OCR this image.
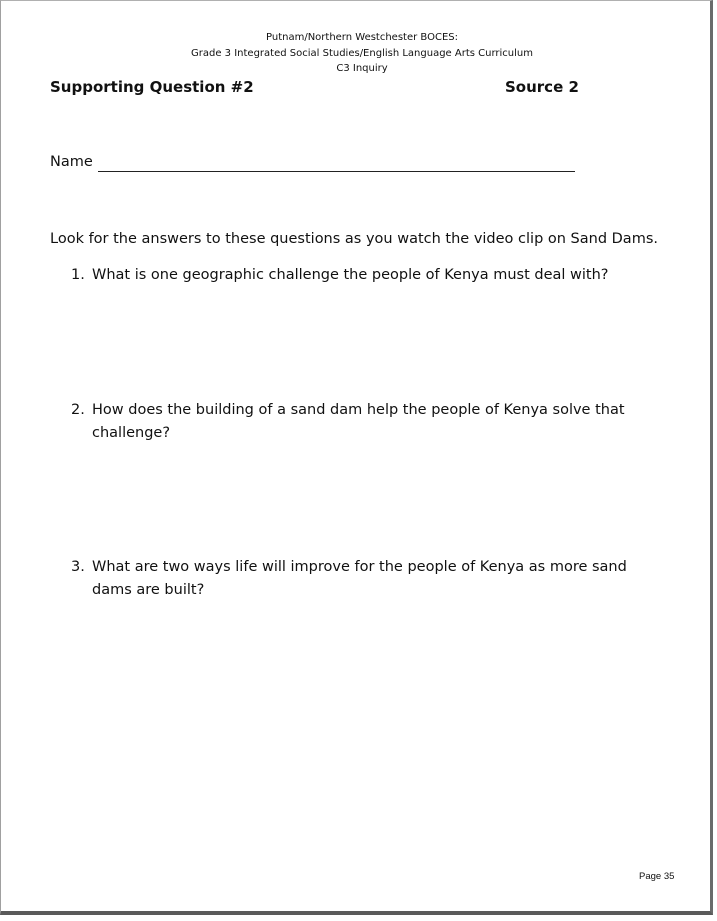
Putnam/Northern Westchester BOCES:
Grade 3 Integrated Social Studies/English Language Arts Curriculum
C3 Inquiry
Supporting Question #2	Source 2
Name
Look for the answers to these questions as you watch the video clip on Sand Dams.
1. What is one geographic challenge the people of Kenya must deal with?
2. How does the building of a sand dam help the people of Kenya solve that
challenge?
3. What are two ways life will improve for the people of Kenya as more sand
dams are built?
Page 35
